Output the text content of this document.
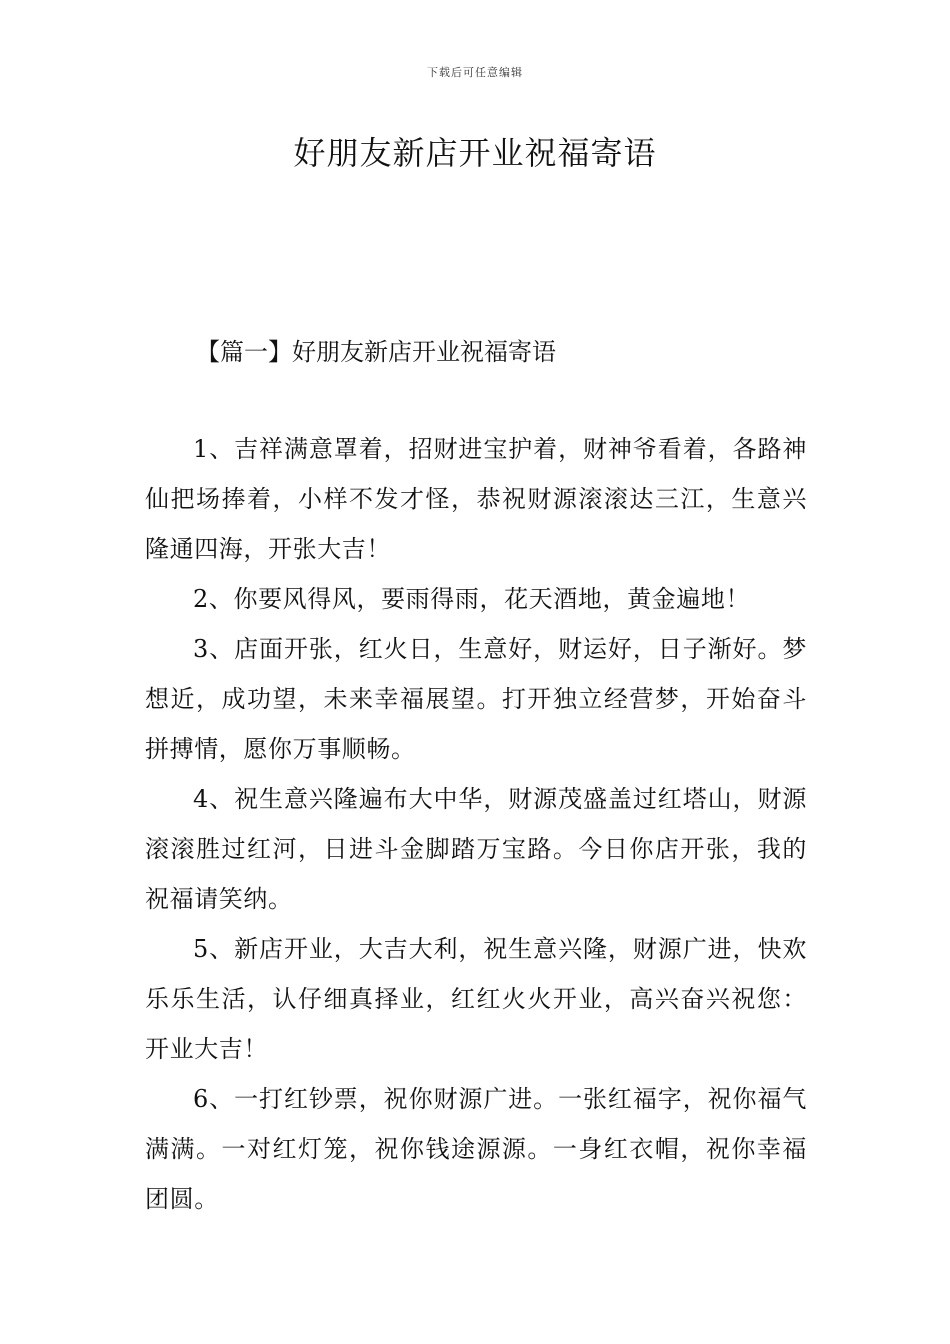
下载后可任意编辑
好朋友新店开业祝福寄语
【篇一】好朋友新店开业祝福寄语

1、吉祥满意罩着，招财进宝护着，财神爷看着，各路神仙把场捧着，小样不发才怪，恭祝财源滚滚达三江，生意兴隆通四海，开张大吉！

2、你要风得风，要雨得雨，花天酒地，黄金遍地！

3、店面开张，红火日，生意好，财运好，日子渐好。梦想近，成功望，未来幸福展望。打开独立经营梦，开始奋斗拼搏情，愿你万事顺畅。

4、祝生意兴隆遍布大中华，财源茂盛盖过红塔山，财源滚滚胜过红河，日进斗金脚踏万宝路。今日你店开张，我的祝福请笑纳。

5、新店开业，大吉大利，祝生意兴隆，财源广进，快欢乐乐生活，认仔细真择业，红红火火开业，高兴奋兴祝您：开业大吉！

6、一打红钞票，祝你财源广进。一张红福字，祝你福气满满。一对红灯笼，祝你钱途源源。一身红衣帽，祝你幸福团圆。
